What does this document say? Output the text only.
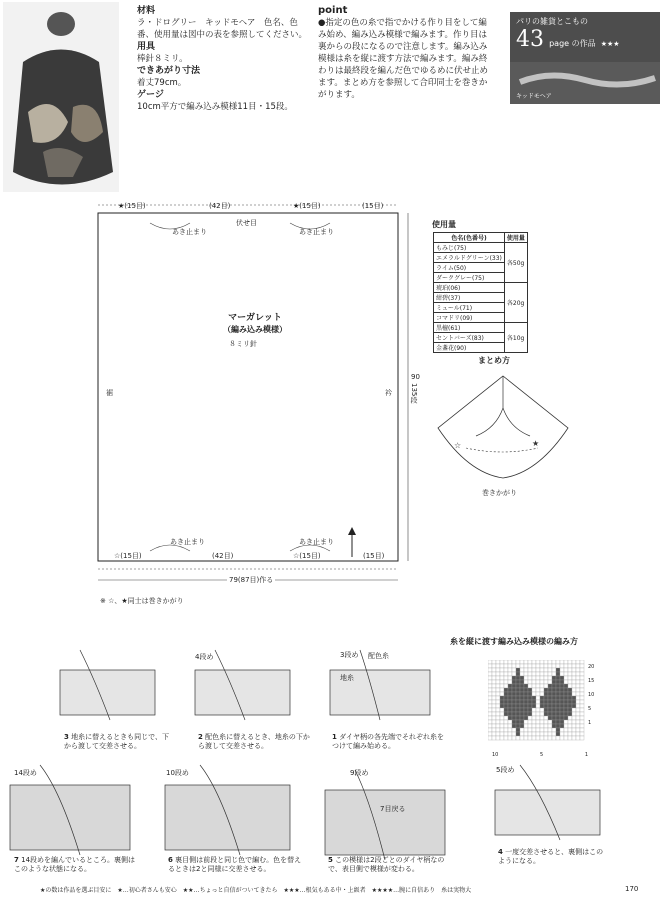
材料
ラ・ドログリー　キッドモヘア　色名、色番、使用量は図中の表を参照してください。
用具
棒針８ミリ。
できあがり寸法
着丈79cm。
ゲージ
10cm平方で編み込み模様11目・15段。
point
●指定の色の糸で指でかける作り目をして編み始め、編み込み模様で編みます。作り目は裏からの段になるので注意します。編み込み模様は糸を縦に渡す方法で編みます。編み終わりは最終段を編んだ色でゆるめに伏せ止めます。まとめ方を参照して合印同士を巻きかがります。
パリの雑貨とこもの
43 page の作品 ★★★
キッドモヘア
★(15目)	(42目)	★(15目)	(15目)
あき止まり
伏せ目
あき止まり
マーガレット
（編み込み模様）
８ミリ針
裾	衿
90
135段
あき止まり	あき止まり
☆(15目)	(42目)	☆(15目)	(15目)
79(87目)作る
※ ☆、★同士は巻きかがり
使用量
色名(色番号)	使用量
もみじ(75)	各50g
エメラルドグリーン(33)	
ライム(50)	
ダークグレー(75)	
琥珀(06)	各20g
紺碧(37)	
ミュール(71)	
コマドリ(09)	
黒檀(61)	各10g
セントバーズ(83)	
金盞花(90)	
まとめ方
☆	★
巻きかがり
糸を縦に渡す編み込み模様の編み方
20
15
10
5
1
10	5	1
4段め	3段め
14段め	10段め	9段め	5段め
配色糸
地糸
7目戻る
3 地糸に替えるときも同じで、下から渡して交差させる。
2 配色糸に替えるとき、地糸の下から渡して交差させる。
1 ダイヤ柄の各先端でそれぞれ糸をつけて編み始める。
7 14段めを編んでいるところ。裏側はこのような状態になる。
6 裏目側は前段と同じ色で編む。色を替えるときは2と同様に交差させる。
5 この模様は2段ごとのダイヤ柄なので、表目側で模様が変わる。
4 一度交差させると、裏側はこのようになる。
★の数は作品を選ぶ目安に　★…初心者さんも安心　★★…ちょっと自信がついてきたら　★★★…根気もある中・上級者　★★★★…腕に自信あり　糸は実物大	170
